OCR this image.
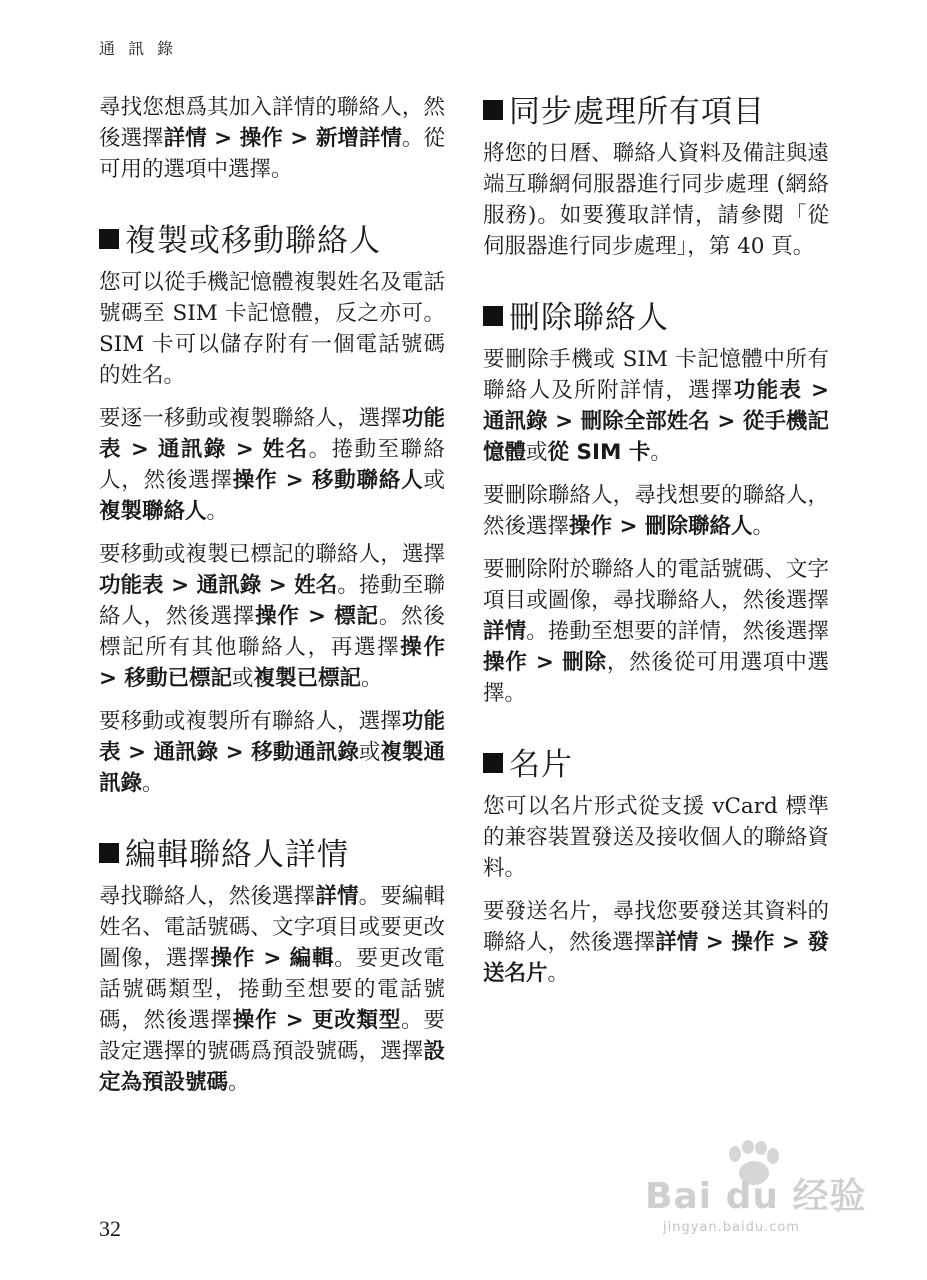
通 訊 錄

尋找您想爲其加入詳情的聯絡人，然後選擇詳情 > 操作 > 新增詳情。從可用的選項中選擇。

複製或移動聯絡人

您可以從手機記憶體複製姓名及電話號碼至 SIM 卡記憶體，反之亦可。SIM 卡可以儲存附有一個電話號碼的姓名。

要逐一移動或複製聯絡人，選擇功能表 > 通訊錄 > 姓名。捲動至聯絡人，然後選擇操作 > 移動聯絡人或複製聯絡人。

要移動或複製已標記的聯絡人，選擇功能表 > 通訊錄 > 姓名。捲動至聯絡人，然後選擇操作 > 標記。然後標記所有其他聯絡人，再選擇操作 > 移動已標記或複製已標記。

要移動或複製所有聯絡人，選擇功能表 > 通訊錄 > 移動通訊錄或複製通訊錄。

編輯聯絡人詳情

尋找聯絡人，然後選擇詳情。要編輯姓名、電話號碼、文字項目或要更改圖像，選擇操作 > 編輯。要更改電話號碼類型，捲動至想要的電話號碼，然後選擇操作 > 更改類型。要設定選擇的號碼爲預設號碼，選擇設定為預設號碼。

同步處理所有項目

將您的日曆、聯絡人資料及備註與遠端互聯網伺服器進行同步處理 (網絡服務)。如要獲取詳情，請參閱「從伺服器進行同步處理」，第 40 頁。

刪除聯絡人

要刪除手機或 SIM 卡記憶體中所有聯絡人及所附詳情，選擇功能表 > 通訊錄 > 刪除全部姓名 > 從手機記憶體或從 SIM 卡。

要刪除聯絡人，尋找想要的聯絡人，然後選擇操作 > 刪除聯絡人。

要刪除附於聯絡人的電話號碼、文字項目或圖像，尋找聯絡人，然後選擇詳情。捲動至想要的詳情，然後選擇操作 > 刪除，然後從可用選項中選擇。

名片

您可以名片形式從支援 vCard 標準的兼容裝置發送及接收個人的聯絡資料。

要發送名片，尋找您要發送其資料的聯絡人，然後選擇詳情 > 操作 > 發送名片。

32
Bai du 经验
jingyan.baidu.com
